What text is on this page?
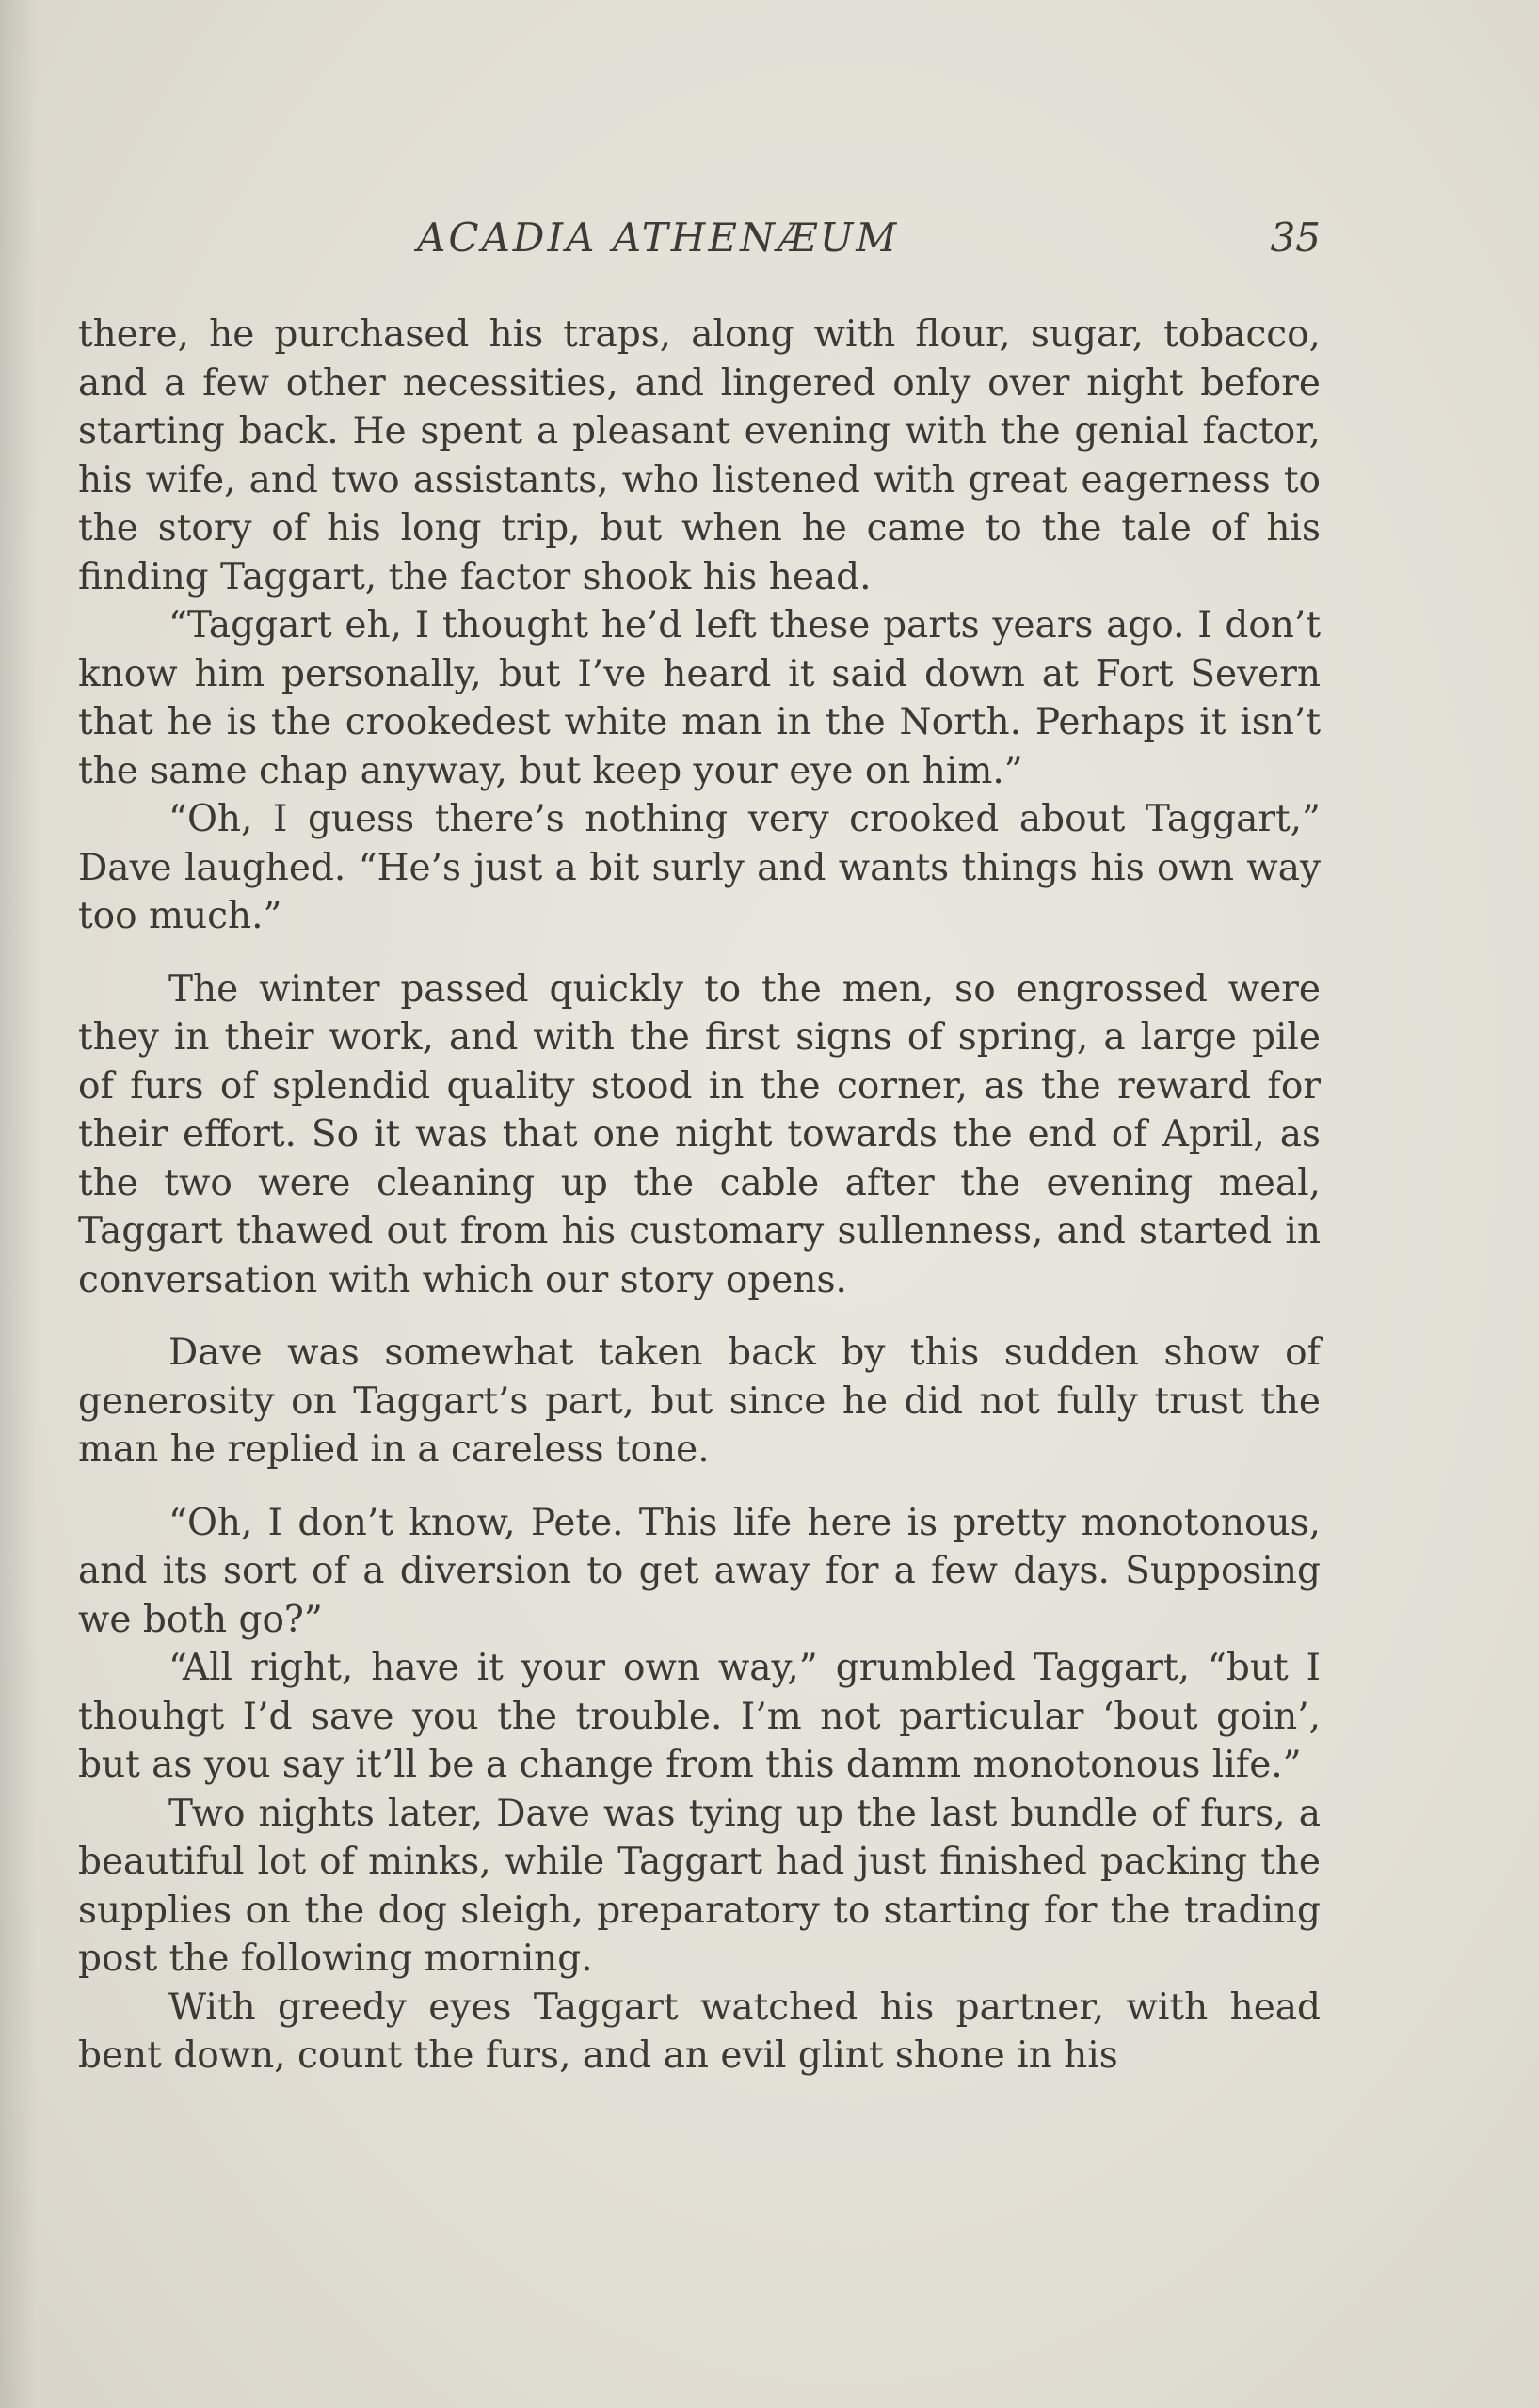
ACADIA ATHENÆUM	35

there, he purchased his traps, along with flour, sugar, tobacco, and a few other necessities, and lingered only over night before starting back. He spent a pleasant evening with the genial factor, his wife, and two assistants, who listened with great eagerness to the story of his long trip, but when he came to the tale of his finding Taggart, the factor shook his head.

“Taggart eh, I thought he’d left these parts years ago. I don’t know him personally, but I’ve heard it said down at Fort Severn that he is the crookedest white man in the North. Perhaps it isn’t the same chap anyway, but keep your eye on him.”

“Oh, I guess there’s nothing very crooked about Taggart,” Dave laughed. “He’s just a bit surly and wants things his own way too much.”

The winter passed quickly to the men, so engrossed were they in their work, and with the first signs of spring, a large pile of furs of splendid quality stood in the corner, as the reward for their effort. So it was that one night towards the end of April, as the two were cleaning up the cable after the evening meal, Taggart thawed out from his customary sullenness, and started in conversation with which our story opens.

Dave was somewhat taken back by this sudden show of generosity on Taggart’s part, but since he did not fully trust the man he replied in a careless tone.

“Oh, I don’t know, Pete. This life here is pretty monotonous, and its sort of a diversion to get away for a few days. Supposing we both go?”

“All right, have it your own way,” grumbled Taggart, “but I thouhgt I’d save you the trouble. I’m not particular ‘bout goin’, but as you say it’ll be a change from this damm monotonous life.”

Two nights later, Dave was tying up the last bundle of furs, a beautiful lot of minks, while Taggart had just finished packing the supplies on the dog sleigh, preparatory to starting for the trading post the following morning.

With greedy eyes Taggart watched his partner, with head bent down, count the furs, and an evil glint shone in his
